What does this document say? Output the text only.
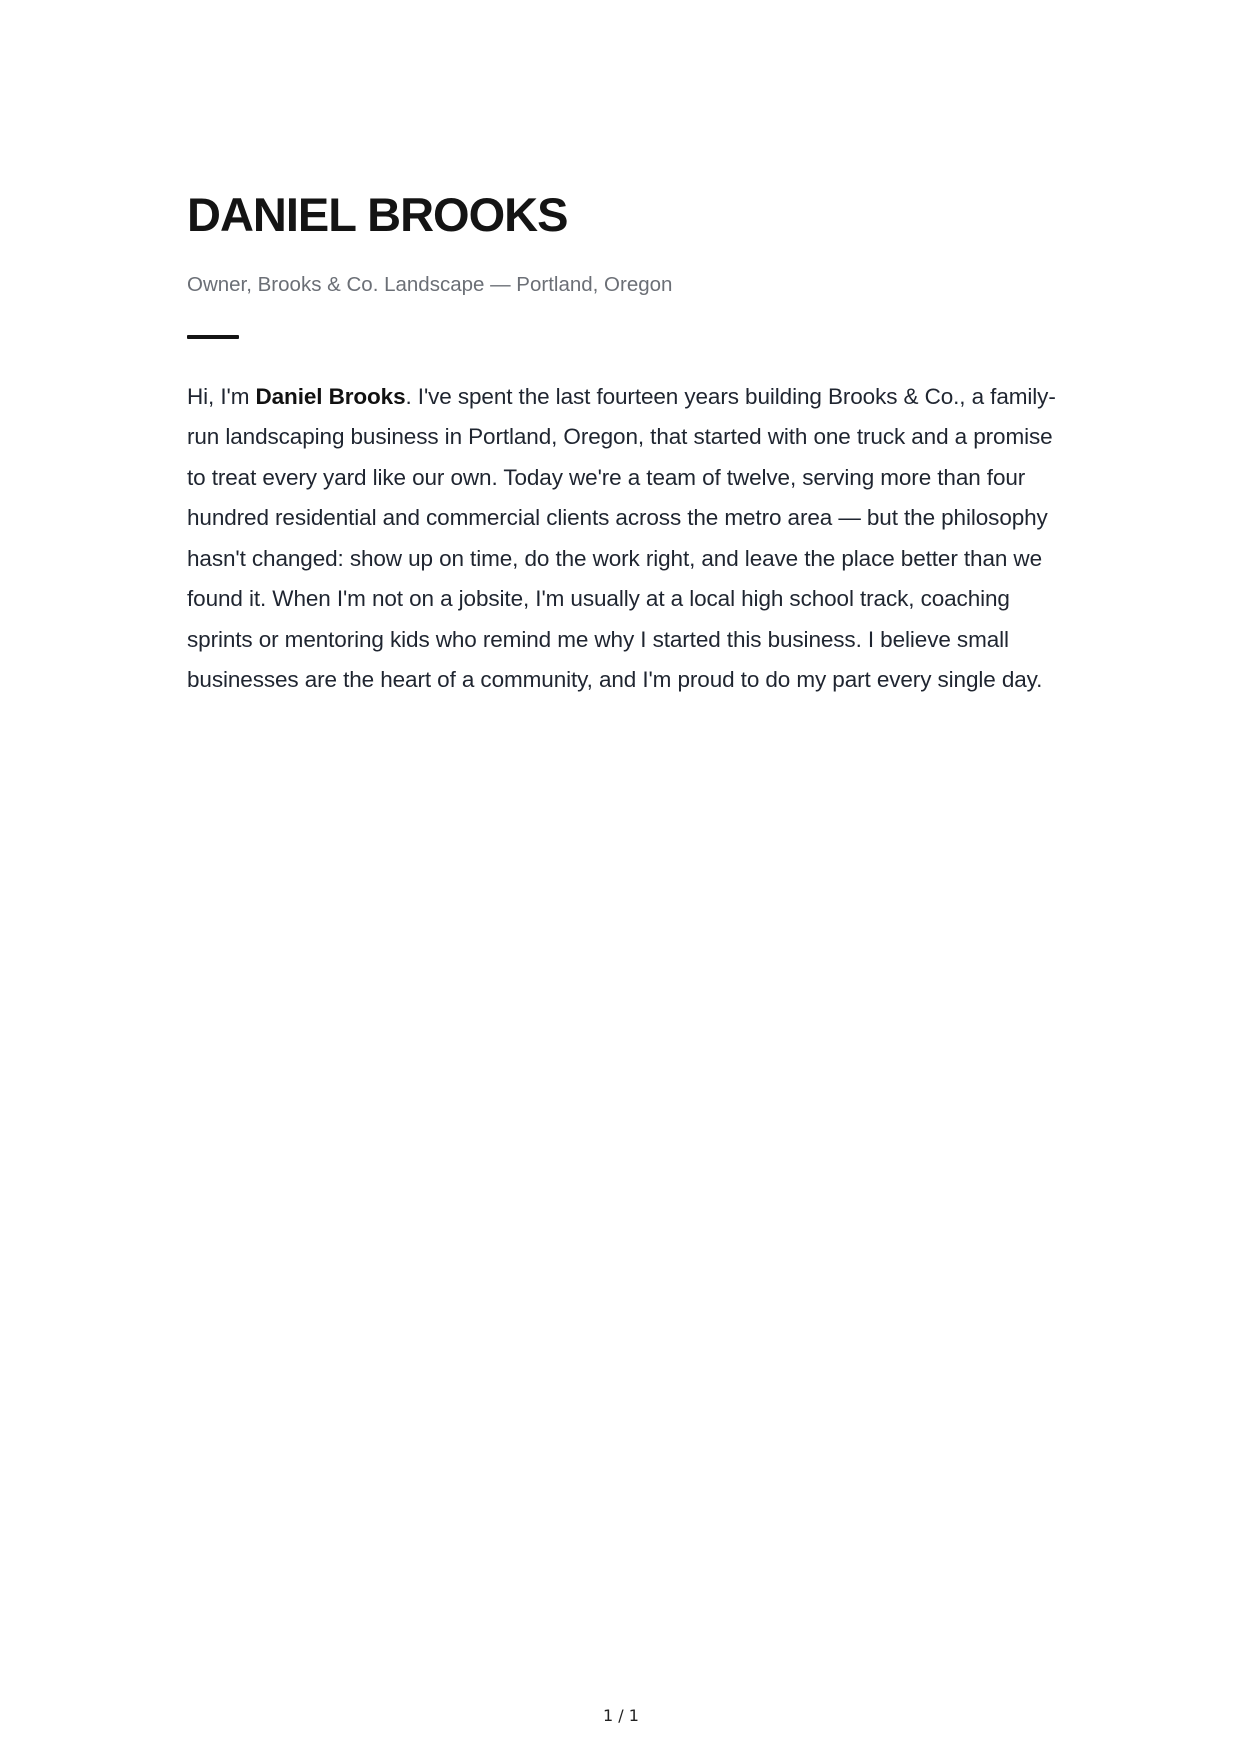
DANIEL BROOKS
Owner, Brooks & Co. Landscape — Portland, Oregon

Hi, I'm Daniel Brooks. I've spent the last fourteen years building Brooks & Co., a family-run landscaping business in Portland, Oregon, that started with one truck and a promise to treat every yard like our own. Today we're a team of twelve, serving more than four hundred residential and commercial clients across the metro area — but the philosophy hasn't changed: show up on time, do the work right, and leave the place better than we found it. When I'm not on a jobsite, I'm usually at a local high school track, coaching sprints or mentoring kids who remind me why I started this business. I believe small businesses are the heart of a community, and I'm proud to do my part every single day.

1 / 1
